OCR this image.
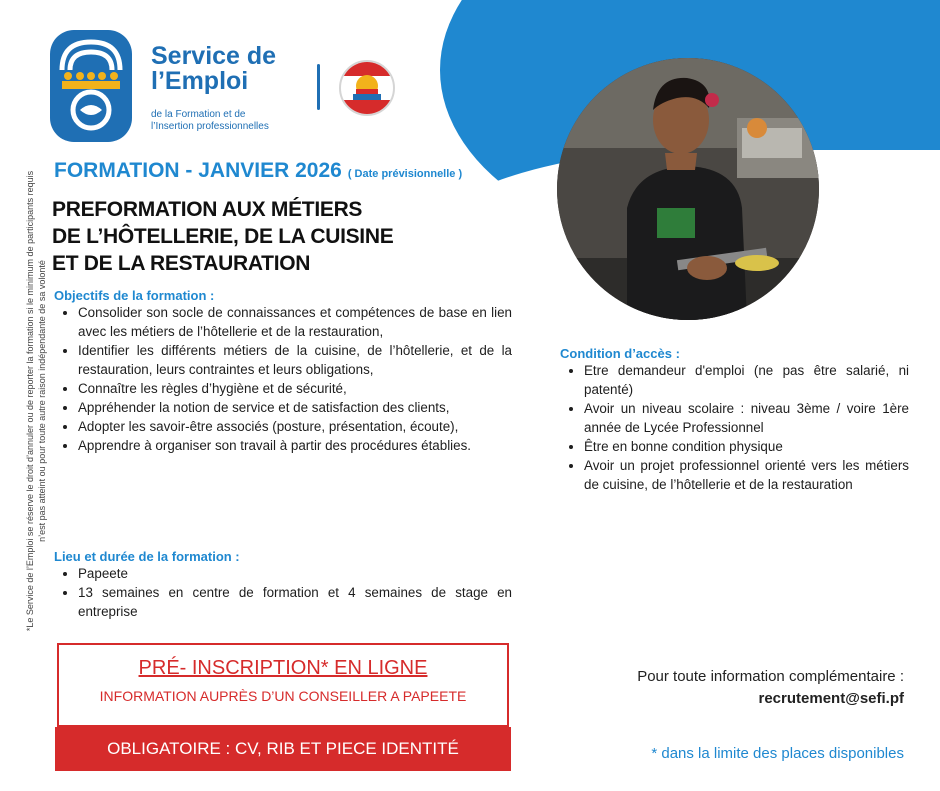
Service de
l’Emploi
de la Formation et de
l’Insertion professionnelles
FORMATION - JANVIER 2026 ( Date prévisionnelle )
PREFORMATION AUX MÉTIERS
DE L’HÔTELLERIE, DE LA CUISINE
ET DE LA RESTAURATION
Objectifs de la formation :
• Consolider son socle de connaissances et compétences de base en lien avec les métiers de l’hôtellerie et de la restauration,
• Identifier les différents métiers de la cuisine, de l’hôtellerie, et de la restauration, leurs contraintes et leurs obligations,
• Connaître les règles d’hygiène et de sécurité,
• Appréhender la notion de service et de satisfaction des clients,
• Adopter les savoir-être associés (posture, présentation, écoute),
• Apprendre à organiser son travail à partir des procédures établies.
Lieu et durée de la formation :
• Papeete
• 13 semaines en centre de formation et 4 semaines de stage en entreprise
Condition d’accès :
• Etre demandeur d'emploi (ne pas être salarié, ni patenté)
• Avoir un niveau scolaire : niveau 3ème / voire 1ère année de Lycée Professionnel
• Être en bonne condition physique
• Avoir un projet professionnel orienté vers les métiers de cuisine, de l’hôtellerie et de la restauration
PRÉ- INSCRIPTION* EN LIGNE
INFORMATION AUPRÈS D’UN CONSEILLER A PAPEETE
OBLIGATOIRE : CV, RIB ET PIECE IDENTITÉ
Pour toute information complémentaire :
recrutement@sefi.pf
* dans la limite des places disponibles
*Le Service de l’Emploi se réserve le droit d’annuler ou de reporter la formation si le minimum de participants requis n’est pas atteint ou pour toute autre raison indépendante de sa volonté
